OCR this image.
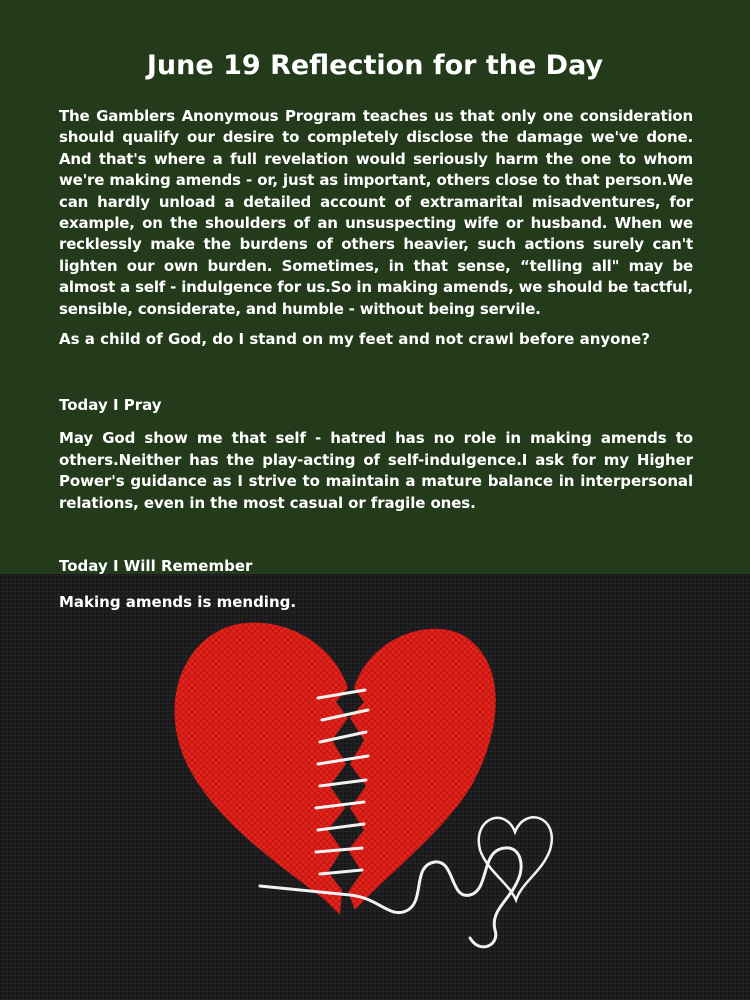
June 19 Reflection for the Day
The Gamblers Anonymous Program teaches us that only one consideration should qualify our desire to completely disclose the damage we've done. And that's where a full revelation would seriously harm the one to whom we're making amends - or, just as important, others close to that person.We can hardly unload a detailed account of extramarital misadventures, for example, on the shoulders of an unsuspecting wife or husband. When we recklessly make the burdens of others heavier, such actions surely can't lighten our own burden. Sometimes, in that sense, “telling all" may be almost a self - indulgence for us.So in making amends, we should be tactful, sensible, considerate, and humble - without being servile.
As a child of God, do I stand on my feet and not crawl before anyone?
Today I Pray
May God show me that self - hatred has no role in making amends to others.Neither has the play-acting of self-indulgence.I ask for my Higher Power's guidance as I strive to maintain a mature balance in interpersonal relations, even in the most casual or fragile ones.
Today I Will Remember
Making amends is mending.
